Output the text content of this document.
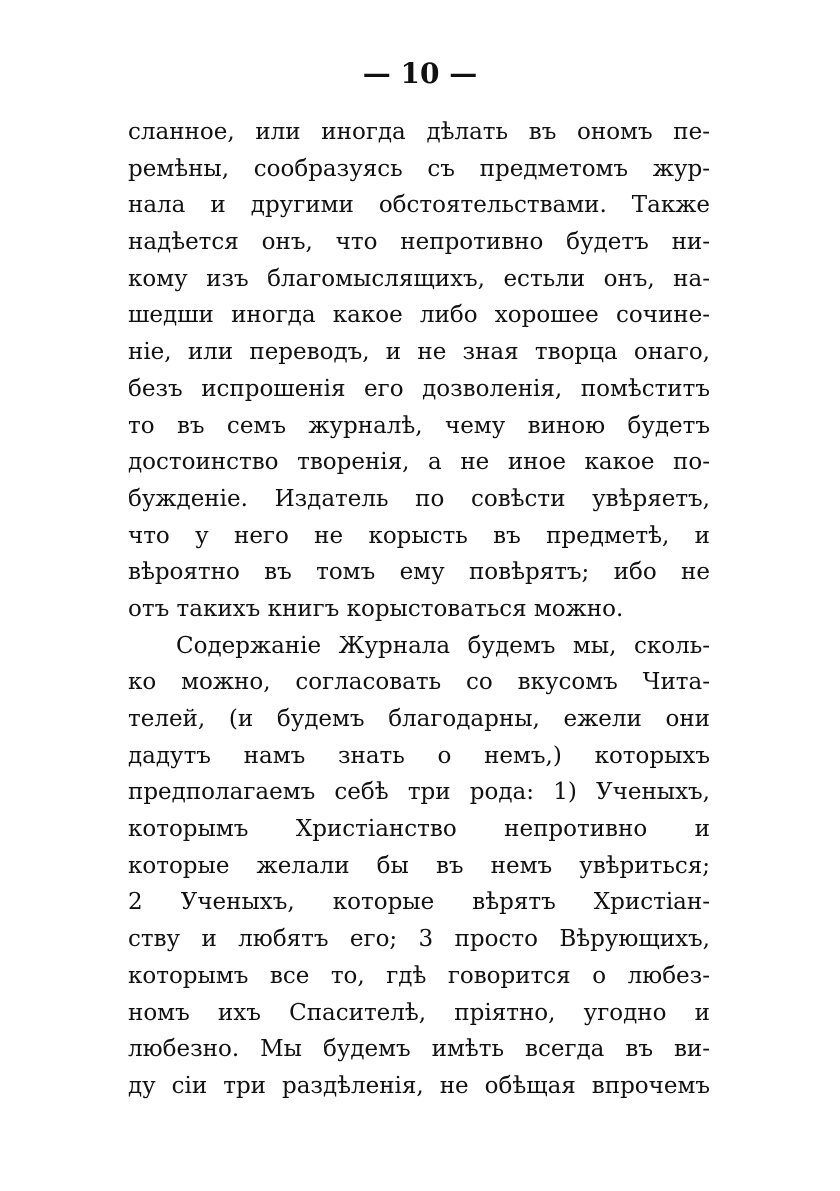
— 10 —
сланное, или иногда дѣлать въ ономъ пе-
ремѣны, сообразуясь съ предметомъ жур-
нала и другими обстоятельствами. Также
надѣется онъ, что непротивно будетъ ни-
кому изъ благомыслящихъ, естьли онъ, на-
шедши иногда какое либо хорошее сочине-
нiе, или переводъ, и не зная творца онаго,
безъ испрошенiя его дозволенiя, помѣститъ
то въ семъ журналѣ, чему виною будетъ
достоинство творенiя, а не иное какое по-
бужденiе. Издатель по совѣсти увѣряетъ,
что у него не корысть въ предметѣ, и
вѣроятно въ томъ ему повѣрятъ; ибо не
отъ такихъ книгъ корыстоваться можно.
Содержанiе Журнала будемъ мы, сколь-
ко можно, согласовать со вкусомъ Чита-
телей, (и будемъ благодарны, ежели они
дадутъ намъ знать о немъ,) которыхъ
предполагаемъ себѣ три рода: 1) Ученыхъ,
которымъ Христiанство непротивно и
которые желали бы въ немъ увѣриться;
2 Ученыхъ, которые вѣрятъ Христiан-
ству и любятъ его; 3 просто Вѣрующихъ,
которымъ все то, гдѣ говорится о любез-
номъ ихъ Спасителѣ, прiятно, угодно и
любезно. Мы будемъ имѣть всегда въ ви-
ду сiи три раздѣленiя, не обѣщая впрочемъ
